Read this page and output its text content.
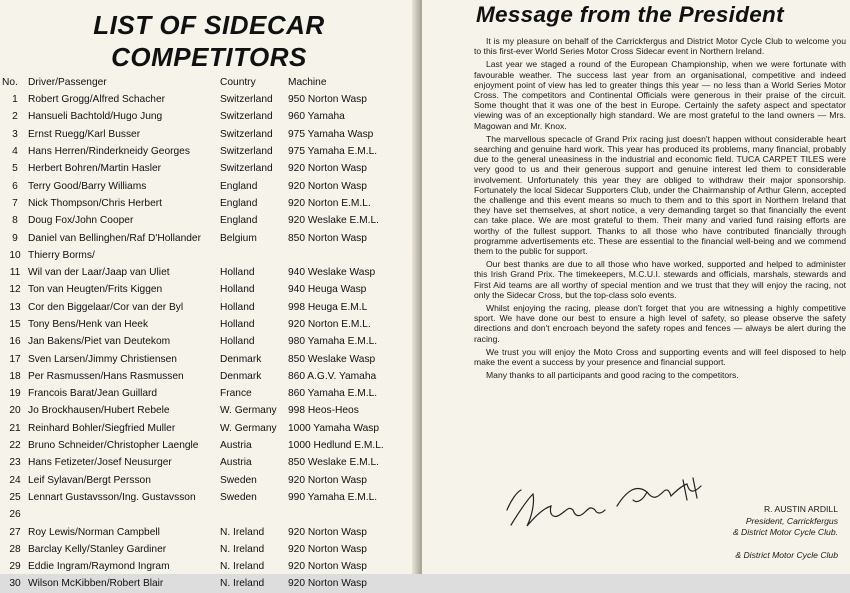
LIST OF SIDECAR
COMPETITORS
No.	Driver/Passenger	Country	Machine
1	Robert Grogg/Alfred Schacher	Switzerland	950 Norton Wasp
2	Hansueli Bachtold/Hugo Jung	Switzerland	960 Yamaha
3	Ernst Ruegg/Karl Busser	Switzerland	975 Yamaha Wasp
4	Hans Herren/Rinderkneidy Georges	Switzerland	975 Yamaha E.M.L.
5	Herbert Bohren/Martin Hasler	Switzerland	920 Norton Wasp
6	Terry Good/Barry Williams	England	920 Norton Wasp
7	Nick Thompson/Chris Herbert	England	920 Norton E.M.L.
8	Doug Fox/John Cooper	England	920 Weslake E.M.L.
9	Daniel van Bellinghen/Raf D'Hollander	Belgium	850 Norton Wasp
10	Thierry Borms/		
11	Wil van der Laar/Jaap van Uliet	Holland	940 Weslake Wasp
12	Ton van Heugten/Frits Kiggen	Holland	940 Heuga Wasp
13	Cor den Biggelaar/Cor van der Byl	Holland	998 Heuga E.M.L
15	Tony Bens/Henk van Heek	Holland	920 Norton E.M.L.
16	Jan Bakens/Piet van Deutekom	Holland	980 Yamaha E.M.L.
17	Sven Larsen/Jimmy Christiensen	Denmark	850 Weslake Wasp
18	Per Rasmussen/Hans Rasmussen	Denmark	860 A.G.V. Yamaha
19	Francois Barat/Jean Guillard	France	860 Yamaha E.M.L.
20	Jo Brockhausen/Hubert Rebele	W. Germany	998 Heos-Heos
21	Reinhard Bohler/Siegfried Muller	W. Germany	1000 Yamaha Wasp
22	Bruno Schneider/Christopher Laengle	Austria	1000 Hedlund E.M.L.
23	Hans Fetizeter/Josef Neusurger	Austria	850 Weslake E.M.L.
24	Leif Sylavan/Bergt Persson	Sweden	920 Norton Wasp
25	Lennart Gustavsson/Ing. Gustavsson	Sweden	990 Yamaha E.M.L.
26			
27	Roy Lewis/Norman Campbell	N. Ireland	920 Norton Wasp
28	Barclay Kelly/Stanley Gardiner	N. Ireland	920 Norton Wasp
29	Eddie Ingram/Raymond Ingram	N. Ireland	920 Norton Wasp
30	Wilson McKibben/Robert Blair	N. Ireland	920 Norton Wasp
Message from the President

It is my pleasure on behalf of the Carrickfergus and District Motor Cycle Club to welcome you to this first-ever World Series Motor Cross Sidecar event in Northern Ireland.

Last year we staged a round of the European Championship, when we were fortunate with favourable weather. The success last year from an organisational, competitive and indeed enjoyment point of view has led to greater things this year — no less than a World Series Motor Cross. The competitors and Continental Officials were generous in their praise of the circuit. Some thought that it was one of the best in Europe. Certainly the safety aspect and spectator viewing was of an exceptionally high standard. We are most grateful to the land owners — Mrs. Magowan and Mr. Knox.

The marvellous specacle of Grand Prix racing just doesn't happen without considerable heart searching and genuine hard work. This year has produced its problems, many financial, probably due to the general uneasiness in the industrial and economic field. TUCA CARPET TILES were very good to us and their generous support and genuine interest led them to considerable involvement. Unfortunately this year they are obliged to withdraw their major sponsorship. Fortunately the local Sidecar Supporters Club, under the Chairmanship of Arthur Glenn, accepted the challenge and this event means so much to them and to this sport in Northern Ireland that they have set themselves, at short notice, a very demanding target so that financially the event can take place. We are most grateful to them. Their many and varied fund raising efforts are worthy of the fullest support. Thanks to all those who have contributed financially through programme advertisements etc. These are essential to the financial well-being and we commend them to the public for support.

Our best thanks are due to all those who have worked, supported and helped to administer this Irish Grand Prix. The timekeepers, M.C.U.I. stewards and officials, marshals, stewards and First Aid teams are all worthy of special mention and we trust that they will enjoy the racing, not only the Sidecar Cross, but the top-class solo events.

Whilst enjoying the racing, please don't forget that you are witnessing a highly competitive sport. We have done our best to ensure a high level of safety, so please observe the safety directions and don't encroach beyond the safety ropes and fences — always be alert during the racing.

We trust you will enjoy the Moto Cross and supporting events and will feel disposed to help make the event a success by your presence and financial support.

Many thanks to all participants and good racing to the competitors.

R. AUSTIN ARDILL

President, Carrickfergus

& District Motor Cycle Club.

& District Motor Cycle Club
